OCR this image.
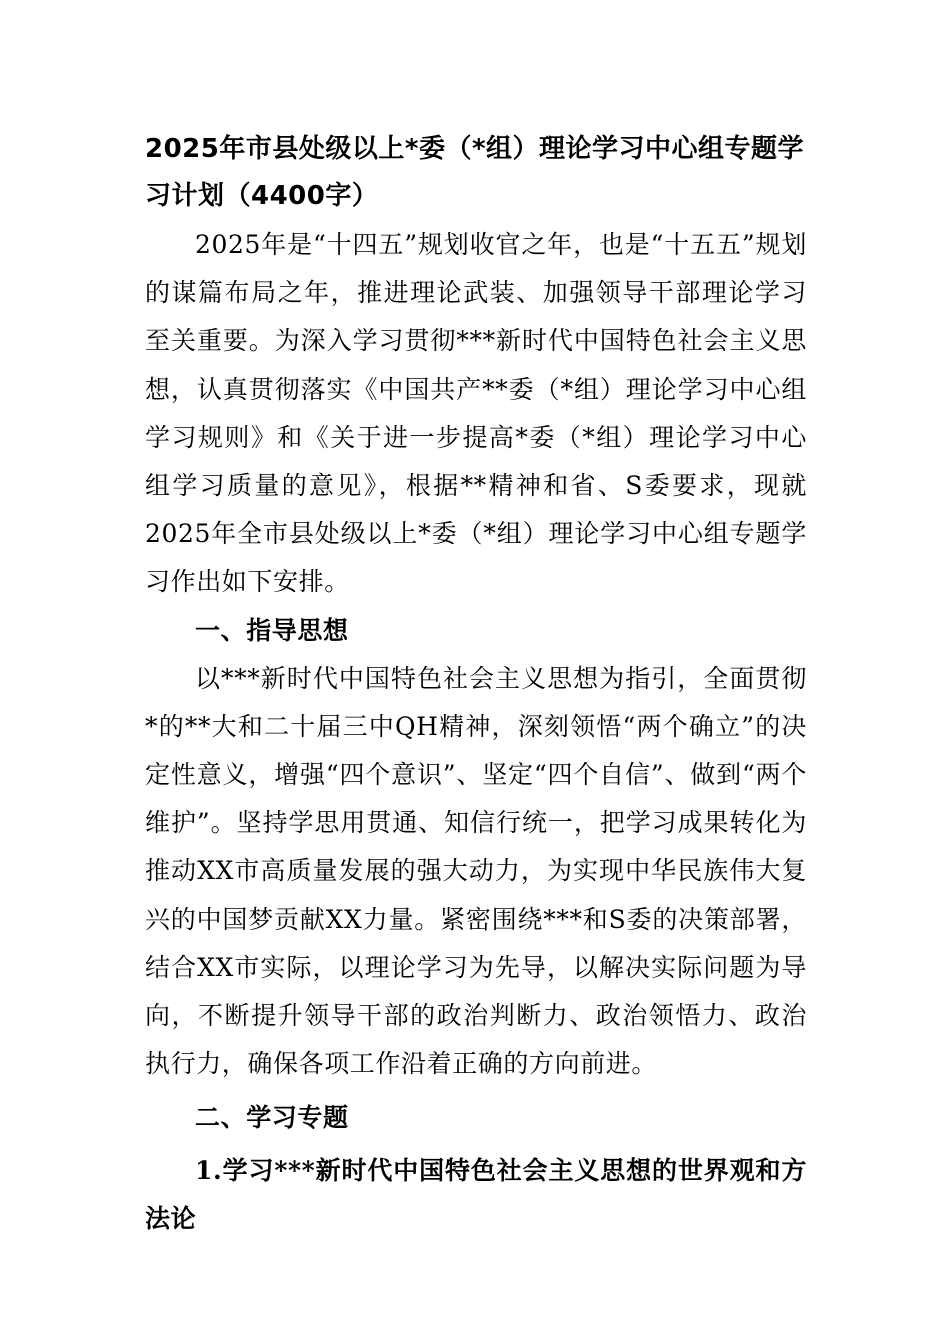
2025年市县处级以上*委（*组）理论学习中心组专题学习计划（4400字）

2025年是“十四五”规划收官之年，也是“十五五”规划的谋篇布局之年，推进理论武装、加强领导干部理论学习至关重要。为深入学习贯彻***新时代中国特色社会主义思想，认真贯彻落实《中国共产**委（*组）理论学习中心组学习规则》和《关于进一步提高*委（*组）理论学习中心组学习质量的意见》，根据**精神和省、S委要求，现就2025年全市县处级以上*委（*组）理论学习中心组专题学习作出如下安排。

一、指导思想

以***新时代中国特色社会主义思想为指引，全面贯彻*的**大和二十届三中QH精神，深刻领悟“两个确立”的决定性意义，增强“四个意识”、坚定“四个自信”、做到“两个维护”。坚持学思用贯通、知信行统一，把学习成果转化为推动XX市高质量发展的强大动力，为实现中华民族伟大复兴的中国梦贡献XX力量。紧密围绕***和S委的决策部署，结合XX市实际，以理论学习为先导，以解决实际问题为导向，不断提升领导干部的政治判断力、政治领悟力、政治执行力，确保各项工作沿着正确的方向前进。

二、学习专题
1.学习***新时代中国特色社会主义思想的世界观和方法论
